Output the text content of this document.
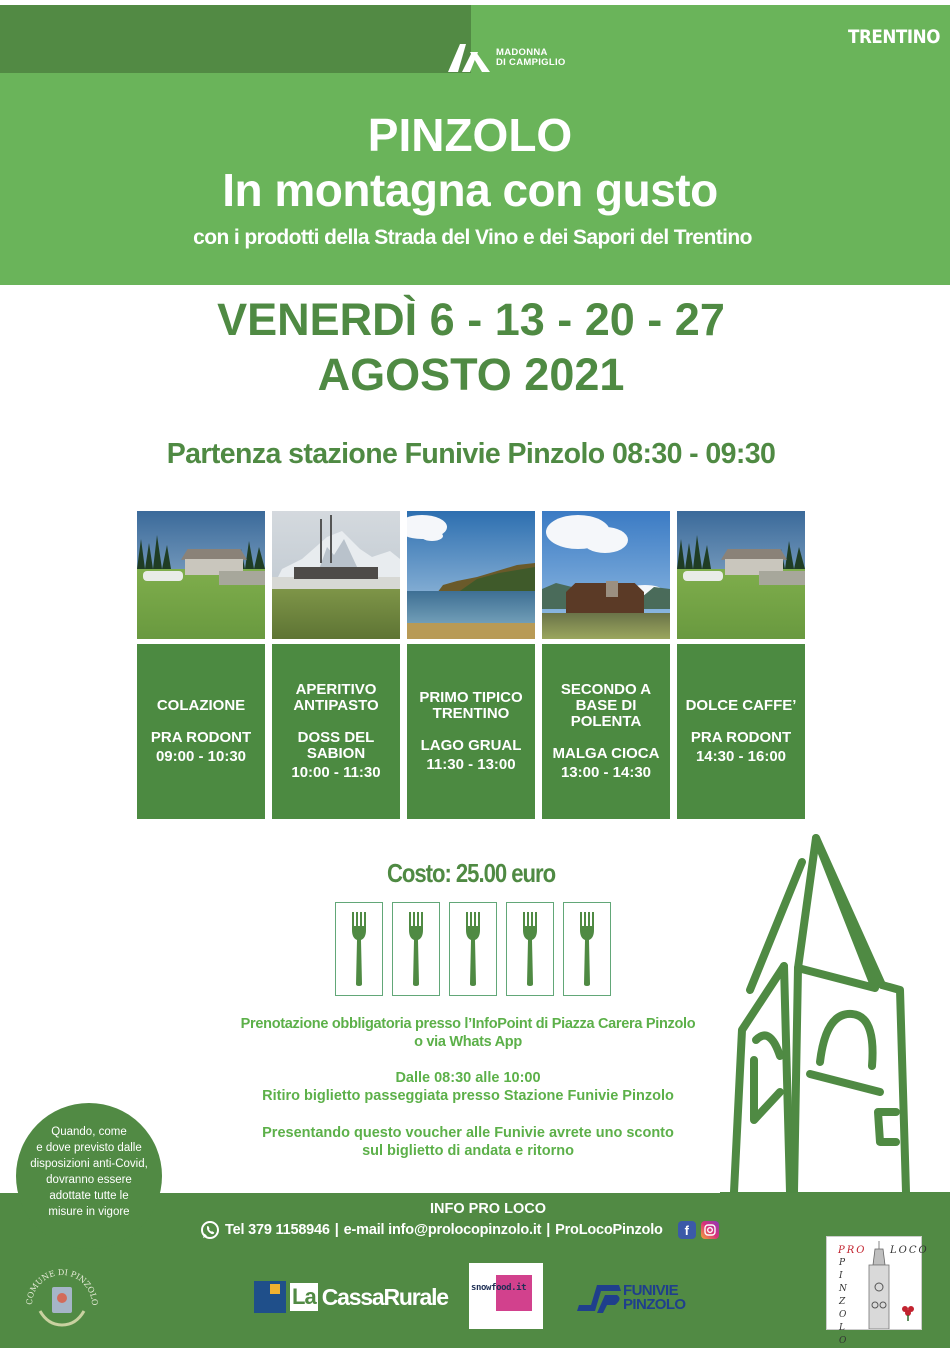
MADONNA
DI CAMPIGLIO
TRENTINO
PINZOLO
In montagna con gusto
con i prodotti della Strada del Vino e dei Sapori del Trentino
VENERDÌ 6 - 13 - 20 - 27
AGOSTO 2021
Partenza stazione Funivie Pinzolo 08:30 - 09:30
COLAZIONE
PRA RODONT
09:00 - 10:30
APERITIVO ANTIPASTO
DOSS DEL SABION
10:00 - 11:30
PRIMO TIPICO TRENTINO
LAGO GRUAL
11:30 - 13:00
SECONDO A BASE DI POLENTA
MALGA CIOCA
13:00 - 14:30
DOLCE CAFFE’
PRA RODONT
14:30 - 16:00
Costo: 25.00 euro
Prenotazione obbligatoria presso l’InfoPoint di Piazza Carera Pinzolo
o via Whats App
Dalle 08:30 alle 10:00
Ritiro biglietto passeggiata presso Stazione Funivie Pinzolo
Presentando questo voucher alle Funivie avrete uno sconto
sul biglietto di andata e ritorno
Quando, come
e dove previsto dalle
disposizioni anti-Covid,
dovranno essere
adottate tutte le
misure in vigore	INFO PRO LOCO
Tel 379 1158946 | e-mail info@prolocopinzolo.it | ProLocoPinzolo	f
COMUNE DI PINZOLO	La CassaRurale	snowfood.it	FUNIVIE
PINZOLO
PRO LOCO
PINZOLO
